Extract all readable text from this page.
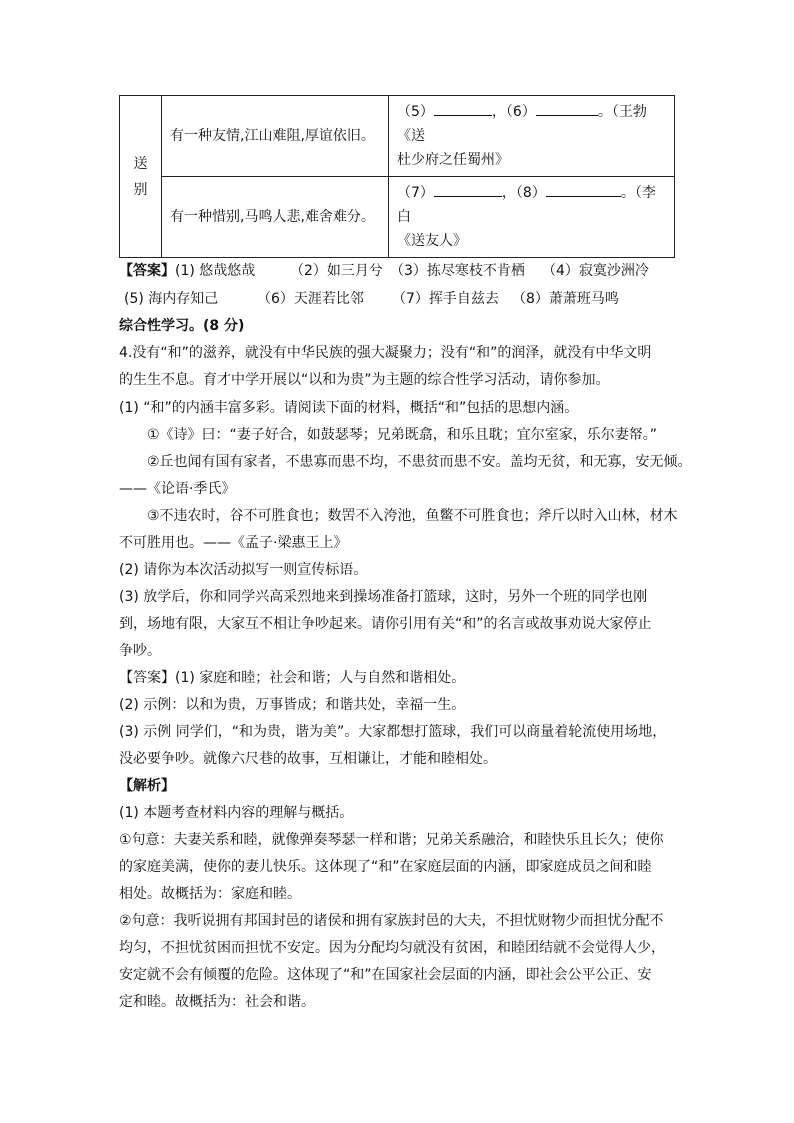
送
别	有一种友情,江山难阻,厚谊依旧。	（5） ，（6） 。（王勃《送
杜少府之任蜀州》
	有一种惜别,马鸣人悲,难舍难分。	（7） ，（8） 。（李白
《送友人》
【答案】(1) 悠哉悠哉 （2）如三月兮 （3）拣尽寒枝不肯栖 （4）寂寞沙洲冷
(5) 海内存知己	（6）天涯若比邻 （7）挥手自兹去 （8）萧萧班马鸣
综合性学习。(8 分)
4.没有“和”的滋养，就没有中华民族的强大凝聚力；没有“和”的润泽，就没有中华文明
的生生不息。育才中学开展以“以和为贵”为主题的综合性学习活动，请你参加。
(1) “和”的内涵丰富多彩。请阅读下面的材料，概括“和”包括的思想内涵。
①《诗》曰：“妻子好合，如鼓瑟琴；兄弟既翕，和乐且耽；宜尔室家，乐尔妻帑。”
②丘也闻有国有家者，不患寡而患不均，不患贫而患不安。盖均无贫，和无寡，安无倾。
——《论语·季氏》
③不违农时，谷不可胜食也；数罟不入洿池，鱼鳖不可胜食也；斧斤以时入山林，材木
不可胜用也。——《孟子·梁惠王上》
(2) 请你为本次活动拟写一则宣传标语。
(3) 放学后，你和同学兴高采烈地来到操场准备打篮球，这时，另外一个班的同学也刚
到，场地有限，大家互不相让争吵起来。请你引用有关“和”的名言或故事劝说大家停止
争吵。
【答案】(1) 家庭和睦；社会和谐；人与自然和谐相处。
(2) 示例：以和为贵，万事皆成；和谐共处，幸福一生。
(3) 示例 同学们，“和为贵，谐为美”。大家都想打篮球，我们可以商量着轮流使用场地，
没必要争吵。就像六尺巷的故事，互相谦让，才能和睦相处。
【解析】
(1) 本题考查材料内容的理解与概括。
①句意：夫妻关系和睦，就像弹奏琴瑟一样和谐；兄弟关系融洽，和睦快乐且长久；使你
的家庭美满，使你的妻儿快乐。这体现了“和”在家庭层面的内涵，即家庭成员之间和睦
相处。故概括为：家庭和睦。
②句意：我听说拥有邦国封邑的诸侯和拥有家族封邑的大夫，不担忧财物少而担忧分配不
均匀，不担忧贫困而担忧不安定。因为分配均匀就没有贫困，和睦团结就不会觉得人少，
安定就不会有倾覆的危险。这体现了“和”在国家社会层面的内涵，即社会公平公正、安
定和睦。故概括为：社会和谐。
